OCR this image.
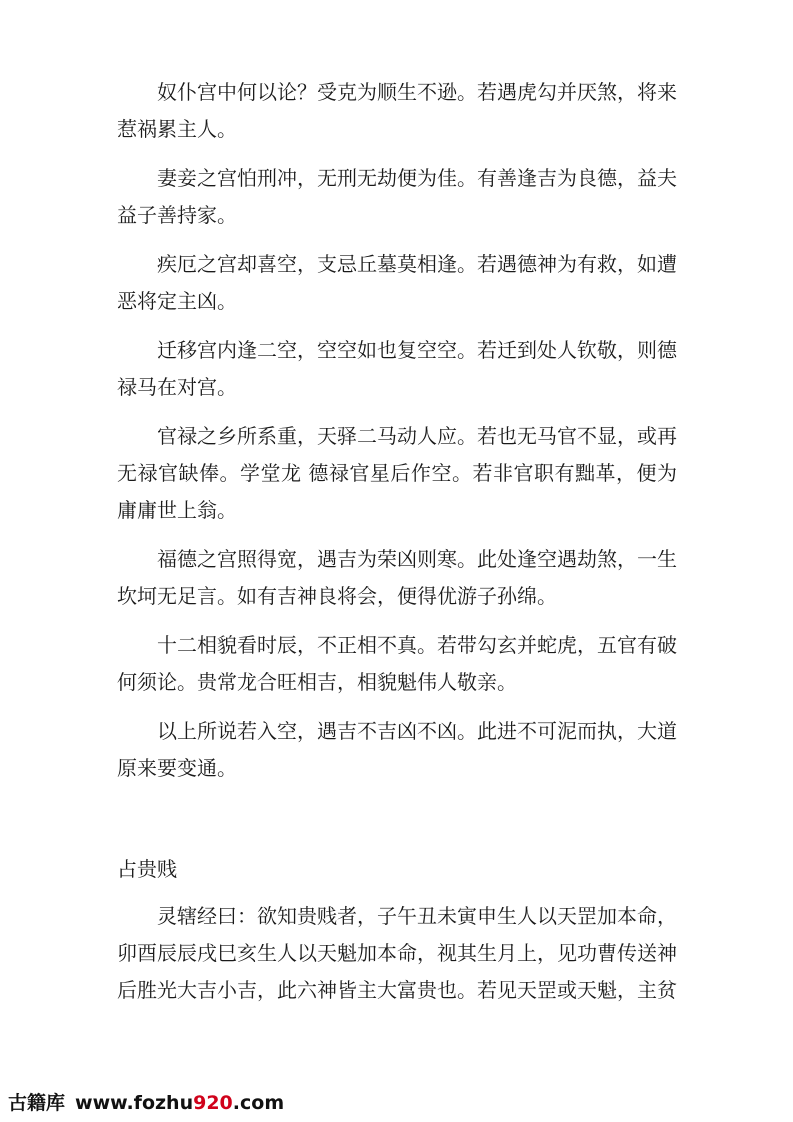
奴仆宫中何以论？受克为顺生不逊。若遇虎勾并厌煞，将来惹祸累主人。

妻妾之宫怕刑冲，无刑无劫便为佳。有善逢吉为良德，益夫益子善持家。

疾厄之宫却喜空，支忌丘墓莫相逢。若遇德神为有救，如遭恶将定主凶。

迁移宫内逢二空，空空如也复空空。若迁到处人钦敬，则德禄马在对宫。

官禄之乡所系重，天驿二马动人应。若也无马官不显，或再无禄官缺俸。学堂龙 德禄官星后作空。若非官职有黜革，便为庸庸世上翁。

福德之宫照得宽，遇吉为荣凶则寒。此处逢空遇劫煞，一生坎坷无足言。如有吉神良将会，便得优游子孙绵。

十二相貌看时辰，不正相不真。若带勾玄并蛇虎，五官有破何须论。贵常龙合旺相吉，相貌魁伟人敬亲。

以上所说若入空，遇吉不吉凶不凶。此进不可泥而执，大道原来要变通。

占贵贱

灵辖经曰：欲知贵贱者，子午丑未寅申生人以天罡加本命，卯酉辰辰戌巳亥生人以天魁加本命，视其生月上，见功曹传送神后胜光大吉小吉，此六神皆主大富贵也。若见天罡或天魁，主贫

古籍库 www.fozhu920.com
